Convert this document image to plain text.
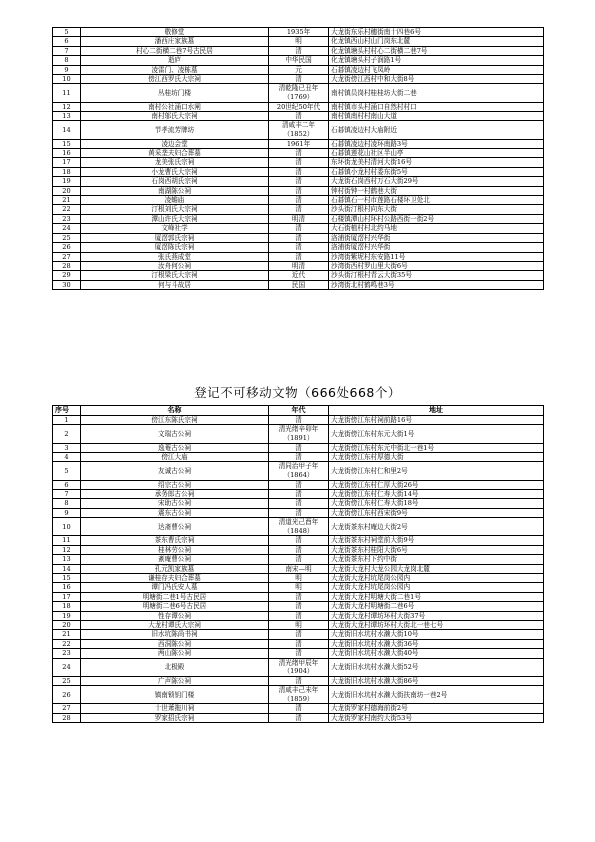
5	敬修堂	1935年	大龙街东乐村穗街南十四巷6号
6	潘西庄家族墓	明	化龙镇西山村山门岗东北麓
7	村心二街横二巷7号古民居	清	化龙镇塘头村村心二街横二巷7号
8	逝庐	中华民国	化龙镇塘头村子润路1号
9	凌雷门、凌栋墓	元	石碁镇凌边村飞凤岭
10	傍江西罗氏大宗祠	清	大龙街傍江西村中和大街8号
11	丛桂坊门楼	清乾隆已丑年（1769）	南村镇员岗村桂桂坊大街二巷
12	南村公社涌口水闸	20世纪50年代	南村镇市头村涌口自然村村口
13	南村邬氏大宗祠	清	南村镇南村村南山大道
14	节孝流芳牌坊	清咸丰二年（1852）	石碁镇凌边村大庙附近
15	凌边会堂	1961年	石碁镇凌边村凌环南路3号
16	黄采垄夫妇合葬墓	清	石碁镇莲花山社区半山亭
17	龙美张氏宗祠	清	东环街龙美村清河大街16号
18	小龙曹氏大宗祠	清	石碁镇小龙村村委东街5号
19	石岗西胡氏宗祠	清	大龙街石岗西村万石大街29号
20	南湖陈公祠	清	钟村街钟一村鹤巷大街
21	凌蟾庙	清	石碁镇石一村市莲路石楼环卫处北
22	汀根刘氏大宗祠	清	沙头街汀根村向东大街
23	潭山许氏大宗祠	明清	石楼镇潭山村环村公路西街一街2号
24	文峰社学	清	大石街植村村北约马地
25	厦滘郭氏宗祠	清	洛浦街厦滘村兴华街
26	厦滘陈氏宗祠	清	洛浦街厦滘村兴华街
27	张氏燕成堂	清	沙湾街紫坭村东安路11号
28	汝舟何公祠	明清	沙湾街西村罗山里大街6号
29	汀根梁氏大宗祠	近代	沙头街汀根村青云大街35号
30	何与斗故居	民国	沙湾街北村鹤鸣巷3号
登记不可移动文物（666处668个）
序号	名称	年代	地址
1	傍江东陈氏宗祠	清	大龙街傍江东村祠前路16号
2	文瑞古公祠	清光绪辛卯年（1891）	大龙街傍江东村东元大街1号
3	逸菴古公祠	清	大龙街傍江东村东元中街北一巷1号
4	傍江大庙	清	大龙街傍江东村厚德大街
5	友诚古公祠	清同治甲子年（1864）	大龙街傍江东村仁和里2号
6	绍宗古公祠	清	大龙街傍江东村仁厚大街26号
7	承务郎古公祠	清	大龙街傍江东村仁寿大街14号
8	宋助古公祠	清	大龙街傍江东村仁寿大街18号
9	震东古公祠	清	大龙街傍江东村西宋街9号
10	达斋曹公祠	清道光己酉年（1848）	大龙街茶东村庵边大街2号
11	茶东曹氏宗祠	清	大龙街茶东村祠堂前大街9号
12	桂林劳公祠	清	大龙街茶东村桂阳大街6号
13	紊庵曹公祠	清	大龙街茶东村下约中街
14	孔元凯家族墓	南宋—明	大龙街大龙村大龙公园大龙岗北麓
15	谦桂存夫妇合葬墓	明	大龙街大龙村坑尾岗公园内
16	谭门冯氏安人墓	明	大龙街大龙村坑尾岗公园内
17	明塘街二巷1号古民居	清	大龙街大龙村明塘大街二巷1号
18	明塘街二巷6号古民居	清	大龙街大龙村明塘街二巷6号
19	性存谭公祠	清	大龙街大龙村谭坊环村大街37号
20	大龙村谭氏大宗祠	明	大龙街大龙村谭坊环村大街北一巷七号
21	旧水坑陈尚书祠	清	大龙街旧水坑村水濑大街10号
22	西洞陈公祠	清	大龙街旧水坑村水濑大街36号
23	两山陈公祠	清	大龙街旧水坑村水濑大街40号
24	北极殿	清光绪甲辰年（1904）	大龙街旧水坑村水濑大街52号
25	广声陈公祠	清	大龙街旧水坑村水濑大街86号
26	镇南锁钥门楼	清咸丰己未年（1859）	大龙街旧水坑村水濑大街扶南坊一巷2号
27	十世萧拖川祠	清	大龙街罗家村德海前街2号
28	罗家招氏宗祠	清	大龙街罗家村南约大街53号
